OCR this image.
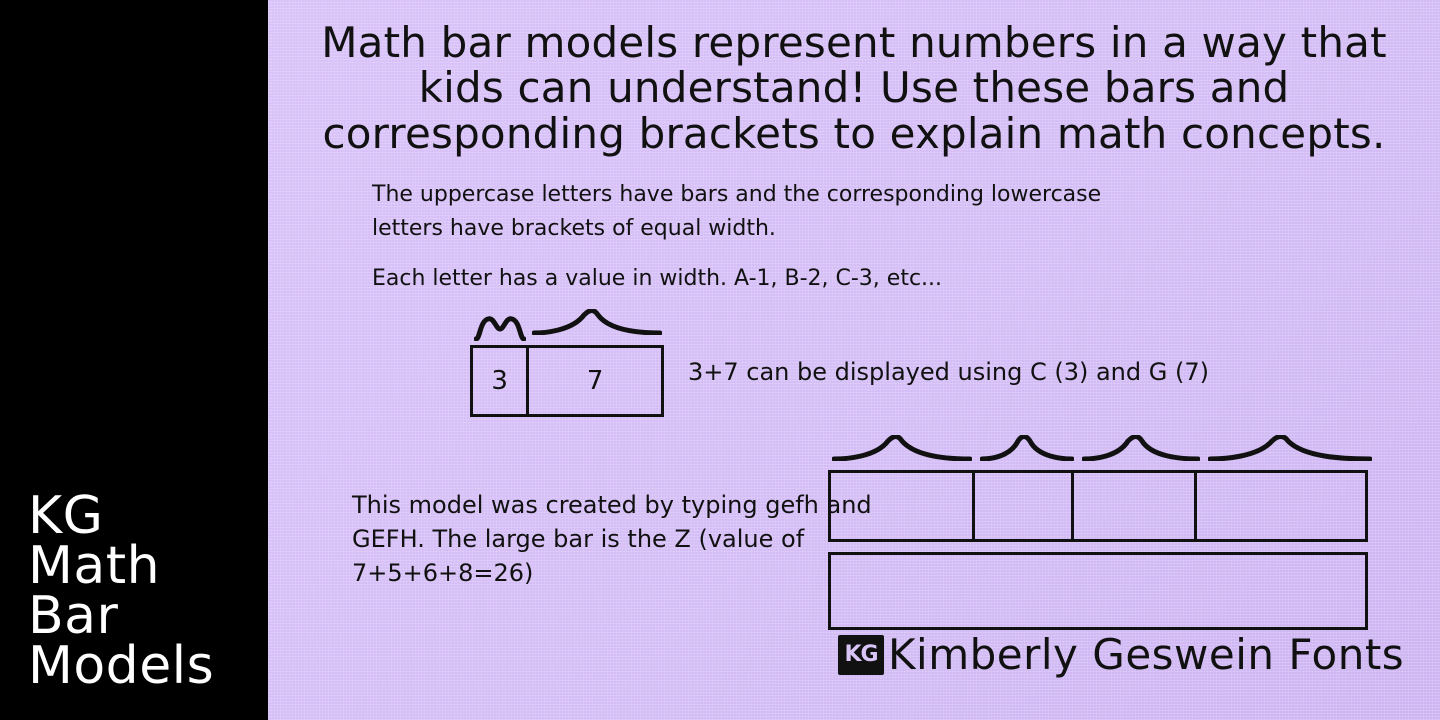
KG
Math
Bar
Models
Math bar models represent numbers in a way that kids can understand! Use these bars and corresponding brackets to explain math concepts.
The uppercase letters have bars and the corresponding lowercase letters have brackets of equal width.
Each letter has a value in width. A-1, B-2, C-3, etc...
3	7	3+7 can be displayed using C (3) and G (7)
This model was created by typing gefh and GEFH. The large bar is the Z (value of 7+5+6+8=26)
KG Kimberly Geswein Fonts
